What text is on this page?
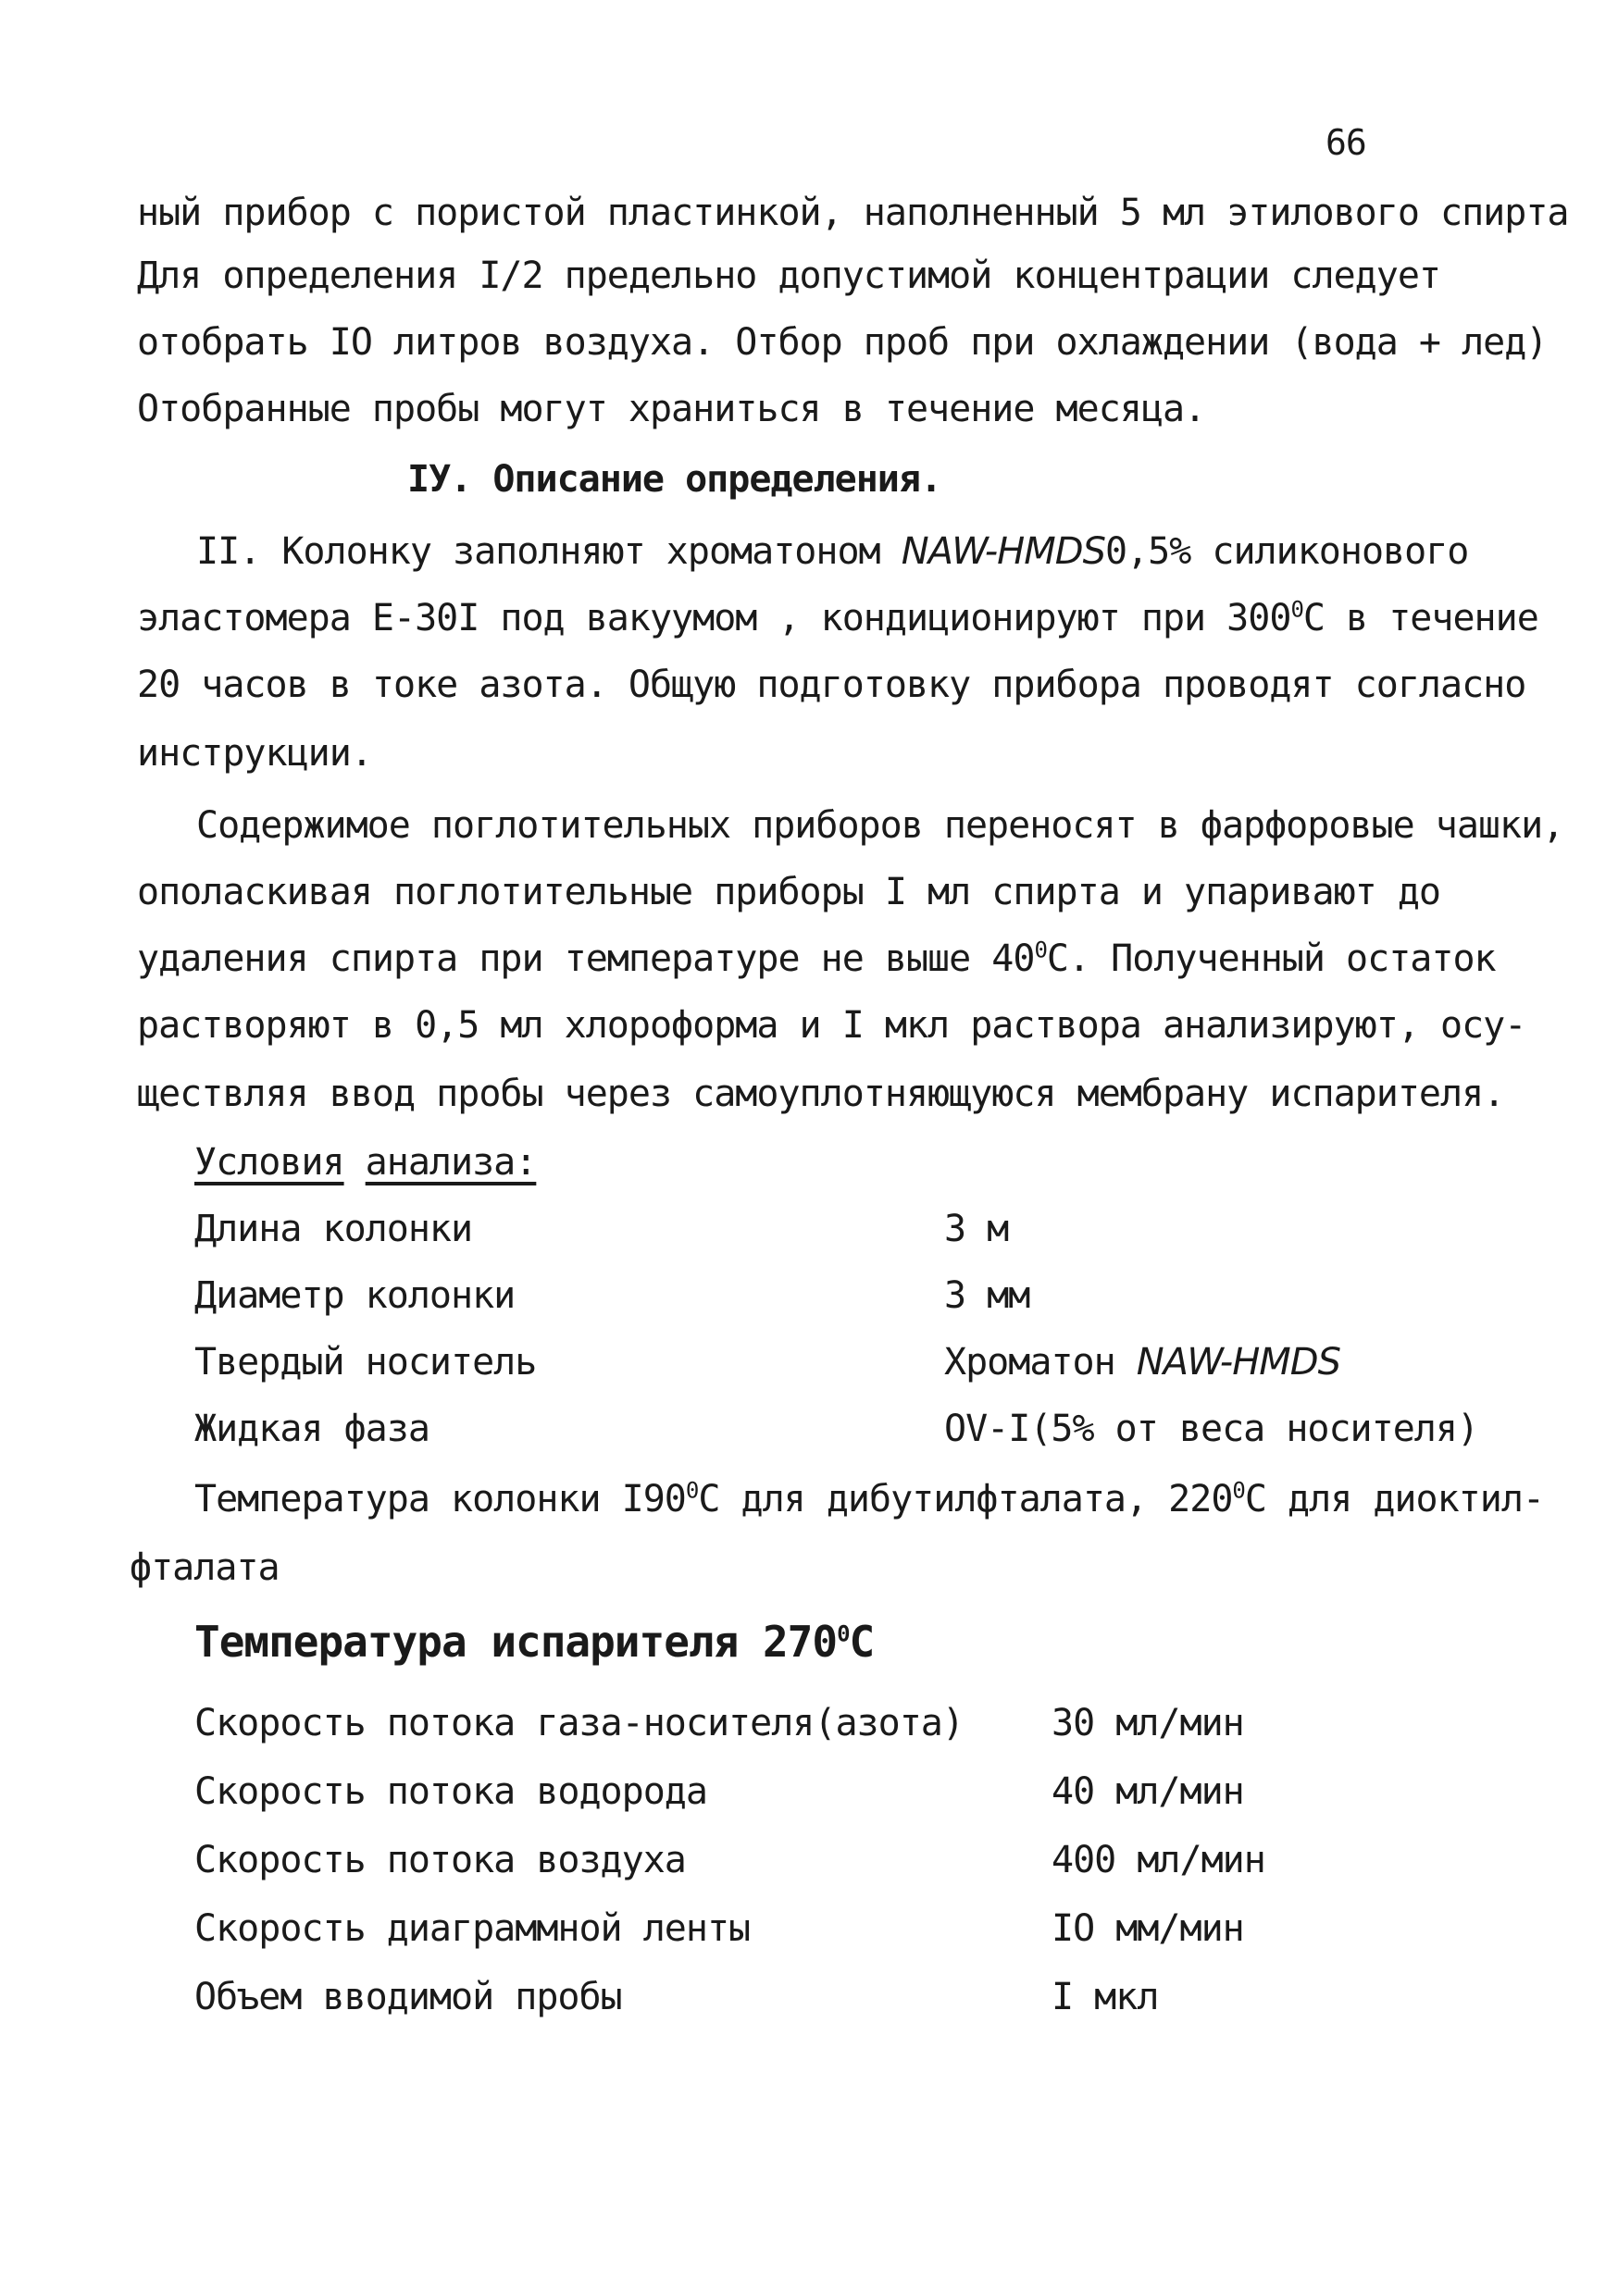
66
ный прибор с пористой пластинкой, наполненный 5 мл этилового спирта
Для определения I/2 предельно допустимой концентрации следует
отобрать IO литров воздуха. Отбор проб при охлаждении (вода + лед)
Отобранные пробы могут храниться в течение месяца.
IУ. Описание определения.
II. Колонку заполняют хроматоном NAW-HMDS0,5% силиконового
эластомера Е-30I под вакуумом , кондиционируют при $300^0С$ в течение
20 часов в токе азота. Общую подготовку прибора проводят согласно
инструкции.
Содержимое поглотительных приборов переносят в фарфоровые чашки,
ополаскивая поглотительные приборы I мл спирта и упаривают до
удаления спирта при температуре не выше $40^0С$. Полученный остаток
растворяют в 0,5 мл хлороформа и I мкл раствора анализируют, осу-
ществляя ввод пробы через самоуплотняющуюся мембрану испарителя.
Условия анализа:
Длина колонки	3 м
Диаметр колонки	3 мм
Твердый носитель	Хроматон NAW-HMDS
Жидкая фаза	OV-I(5% от веса носителя)
Температура колонки $I90^0С$ для дибутилфталата, $220^0С$ для диоктил-
фталата
Температура испарителя $270^0С$
Скорость потока газа-носителя(азота) 30 мл/мин
Скорость потока водорода	40 мл/мин
Скорость потока воздуха	400 мл/мин
Скорость диаграммной ленты	IO мм/мин
Объем вводимой пробы	I мкл
